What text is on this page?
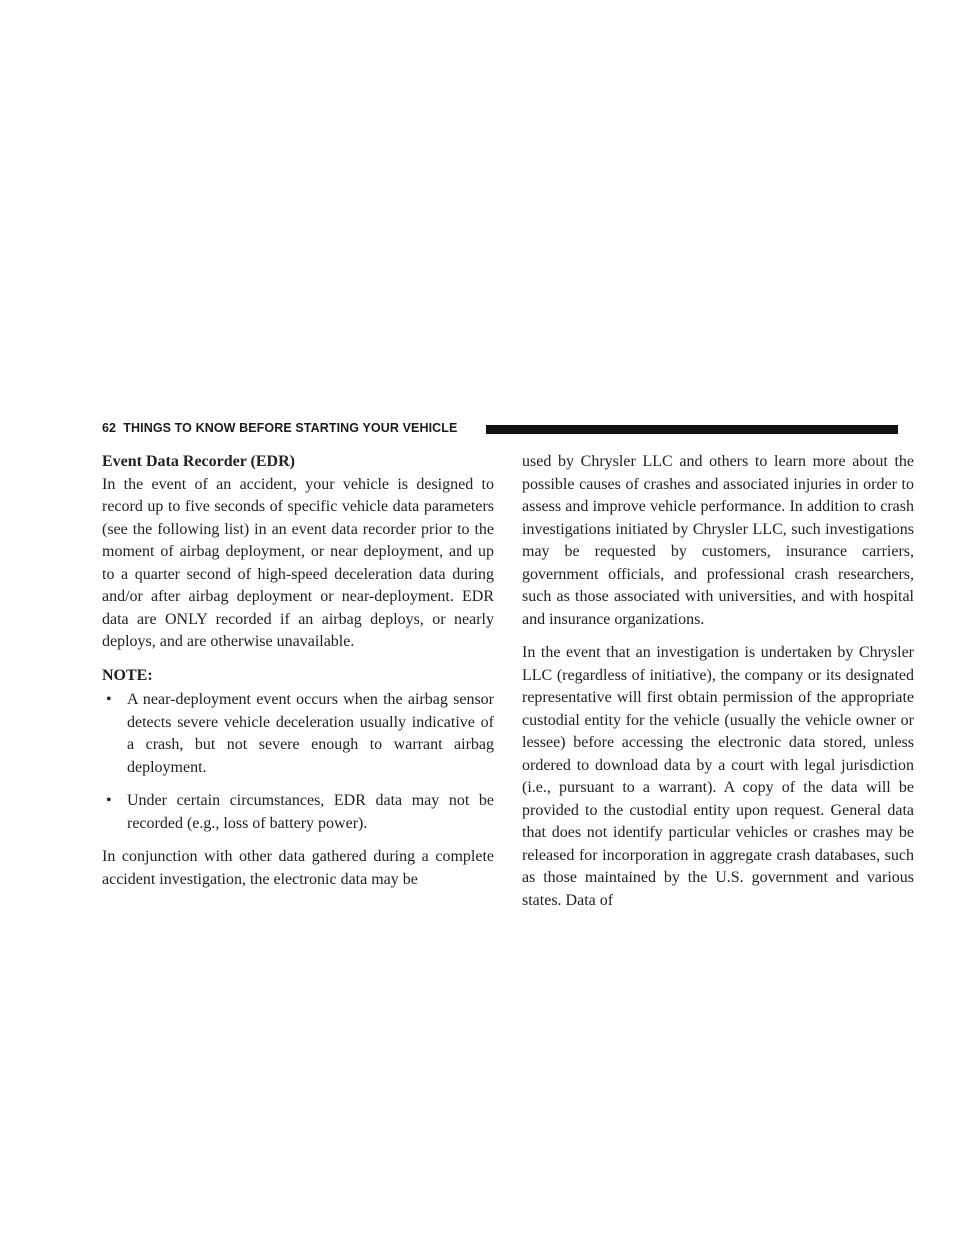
62 THINGS TO KNOW BEFORE STARTING YOUR VEHICLE

Event Data Recorder (EDR)

In the event of an accident, your vehicle is designed to record up to five seconds of specific vehicle data parameters (see the following list) in an event data recorder prior to the moment of airbag deployment, or near deployment, and up to a quarter second of high-speed deceleration data during and/or after airbag deployment or near-deployment. EDR data are ONLY recorded if an airbag deploys, or nearly deploys, and are otherwise unavailable.

NOTE:

• A near-deployment event occurs when the airbag sensor detects severe vehicle deceleration usually indicative of a crash, but not severe enough to warrant airbag deployment.
• Under certain circumstances, EDR data may not be recorded (e.g., loss of battery power).

In conjunction with other data gathered during a complete accident investigation, the electronic data may be

used by Chrysler LLC and others to learn more about the possible causes of crashes and associated injuries in order to assess and improve vehicle performance. In addition to crash investigations initiated by Chrysler LLC, such investigations may be requested by customers, insurance carriers, government officials, and professional crash researchers, such as those associated with universities, and with hospital and insurance organizations.

In the event that an investigation is undertaken by Chrysler LLC (regardless of initiative), the company or its designated representative will first obtain permission of the appropriate custodial entity for the vehicle (usually the vehicle owner or lessee) before accessing the electronic data stored, unless ordered to download data by a court with legal jurisdiction (i.e., pursuant to a warrant). A copy of the data will be provided to the custodial entity upon request. General data that does not identify particular vehicles or crashes may be released for incorporation in aggregate crash databases, such as those maintained by the U.S. government and various states. Data of
